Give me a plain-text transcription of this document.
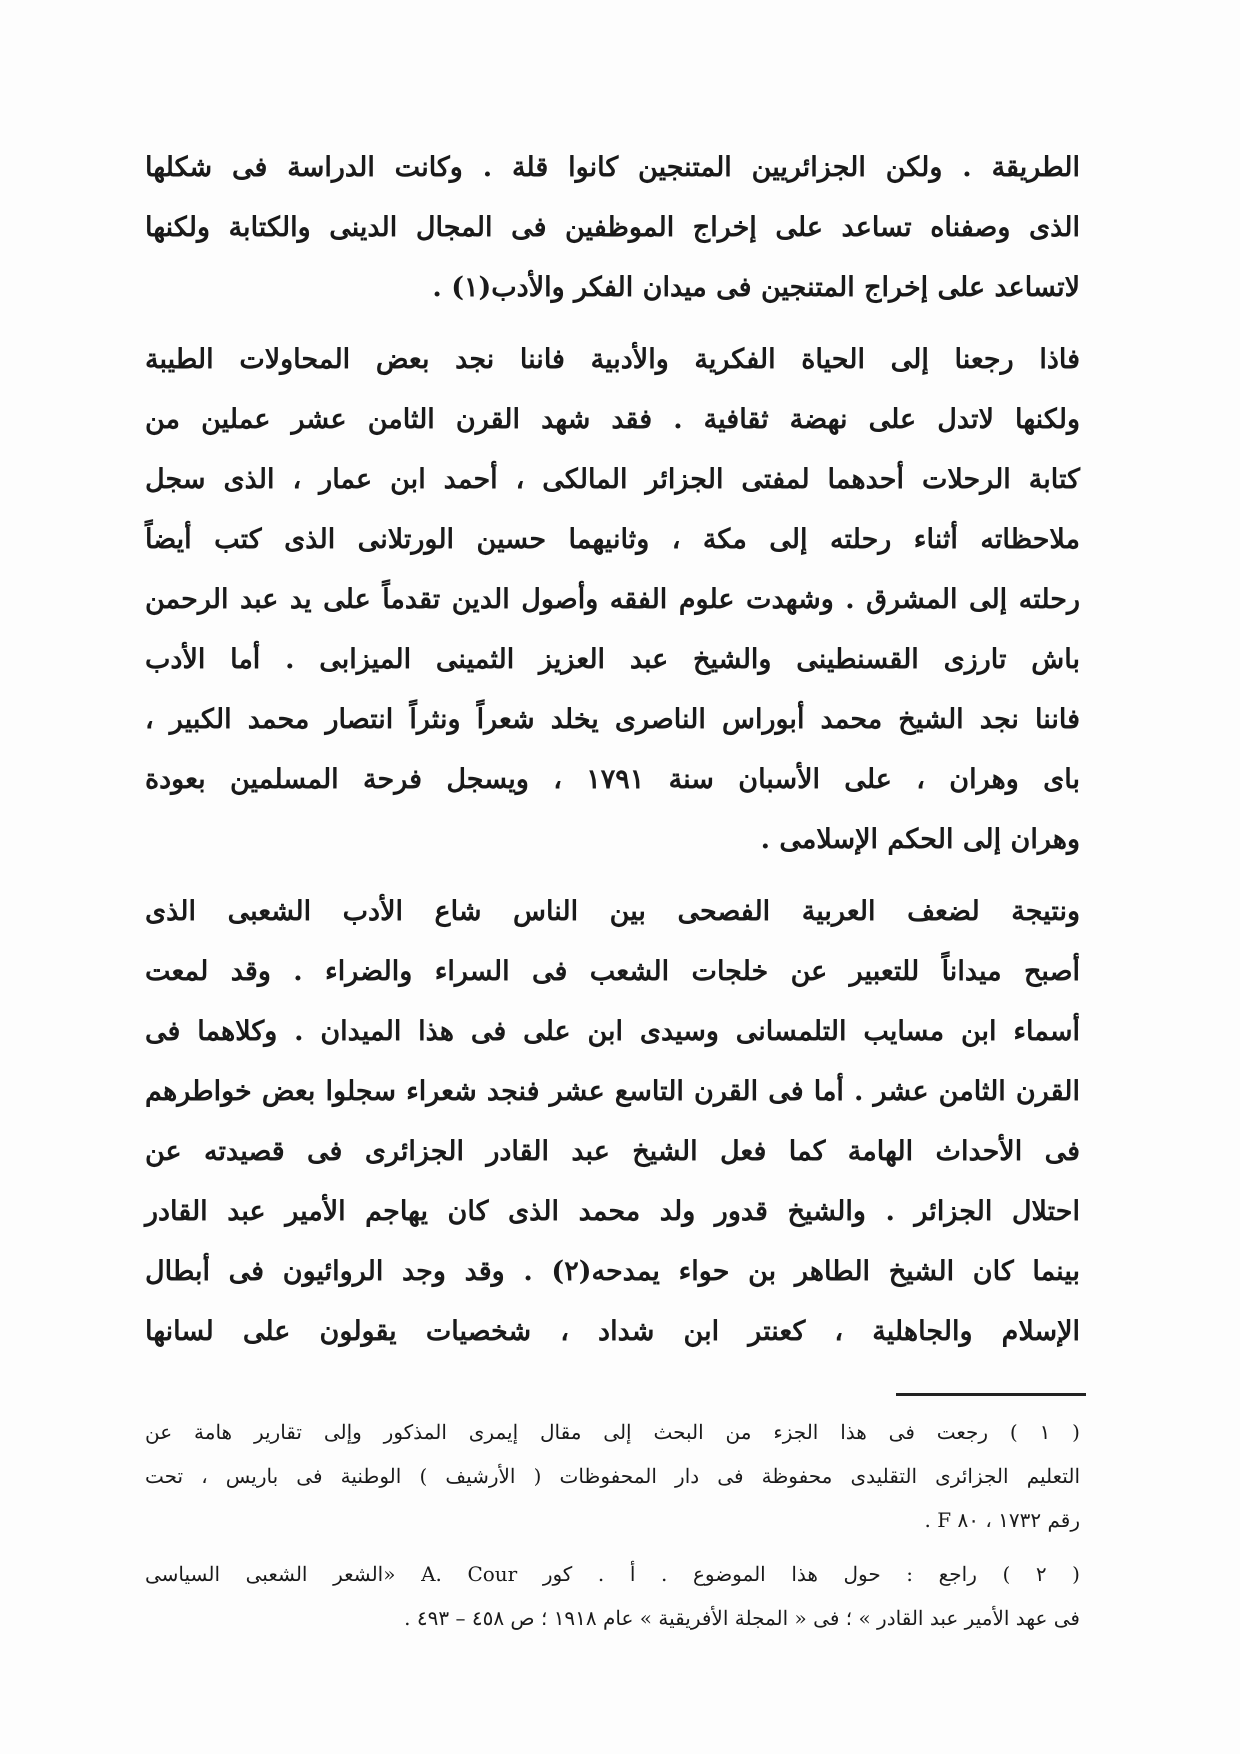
الطريقة . ولكن الجزائريين المتنجين كانوا قلة . وكانت الدراسة فى شكلها
الذى وصفناه تساعد على إخراج الموظفين فى المجال الدينى والكتابة ولكنها
لاتساعد على إخراج المتنجين فى ميدان الفكر والأدب(١) .
فاذا رجعنا إلى الحياة الفكرية والأدبية فاننا نجد بعض المحاولات الطيبة
ولكنها لاتدل على نهضة ثقافية . فقد شهد القرن الثامن عشر عملين من
كتابة الرحلات أحدهما لمفتى الجزائر المالكى ، أحمد ابن عمار ، الذى سجل
ملاحظاته أثناء رحلته إلى مكة ، وثانيهما حسين الورتلانى الذى كتب أيضاً
رحلته إلى المشرق . وشهدت علوم الفقه وأصول الدين تقدماً على يد عبد الرحمن
باش تارزى القسنطينى والشيخ عبد العزيز الثمينى الميزابى . أما الأدب
فاننا نجد الشيخ محمد أبوراس الناصرى يخلد شعراً ونثراً انتصار محمد الكبير ،
باى وهران ، على الأسبان سنة ١٧٩١ ، ويسجل فرحة المسلمين بعودة
وهران إلى الحكم الإسلامى .
ونتيجة لضعف العربية الفصحى بين الناس شاع الأدب الشعبى الذى
أصبح ميداناً للتعبير عن خلجات الشعب فى السراء والضراء . وقد لمعت
أسماء ابن مسايب التلمسانى وسيدى ابن على فى هذا الميدان . وكلاهما فى
القرن الثامن عشر . أما فى القرن التاسع عشر فنجد شعراء سجلوا بعض خواطرهم
فى الأحداث الهامة كما فعل الشيخ عبد القادر الجزائرى فى قصيدته عن
احتلال الجزائر . والشيخ قدور ولد محمد الذى كان يهاجم الأمير عبد القادر
بينما كان الشيخ الطاهر بن حواء يمدحه(٢) . وقد وجد الروائيون فى أبطال
الإسلام والجاهلية ، كعنتر ابن شداد ، شخصيات يقولون على لسانها
( ١ ) رجعت فى هذا الجزء من البحث إلى مقال إيمرى المذكور وإلى تقارير هامة عن
التعليم الجزائرى التقليدى محفوظة فى دار المحفوظات ( الأرشيف ) الوطنية فى باريس ، تحت
رقم ١٧٣٢ ، ٨٠ F .
( ٢ ) راجع : حول هذا الموضوع . أ . كور A. Cour «الشعر الشعبى السياسى
فى عهد الأمير عبد القادر » ؛ فى « المجلة الأفريقية » عام ١٩١٨ ؛ ص ٤٥٨ – ٤٩٣ .
